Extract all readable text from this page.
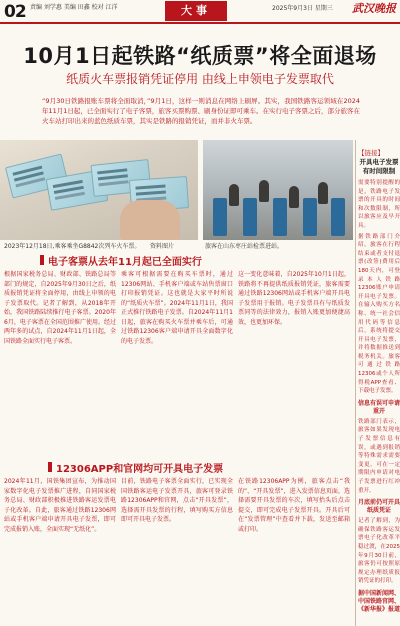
02 责编 刘学惠 美编 田鑫 校对 江洋	大事	2025年9月3日 星期三 武汉晚报
10月1日起铁路“纸质票”将全面退场
纸质火车票报销凭证停用 由线上申领电子发票取代
“9月30日铁路报账车票将全面取消，”9月1日，这样一则消息在网络上刷屏。其实，我国铁路客运领域在2024年11月1日起，已全面实行了电子客票，旅客买票购票、刷身份证即可乘车。在实行电子客票之后，部分旅客在火车站打印出来的蓝色纸质车票，其实是铁路的报销凭证，而并非火车票。
2023年12月18日,乘客乘坐G8842次列车火车票。 资料图片	旅客在山东枣庄站检票进站。
【链接】
开具电子发票有时间限制
需要特别提醒的是，铁路电子发票的开具的时间和次数限制，所以旅客应及早开具。
据铁路部门介绍，旅客在行程结束或者支付退票(改签)费用后180天内，可登录本人铁路12306账户申请开具电子发票。在输入购买方名称、统一社会信用代码等信息后，系统将提交开具电子发票，并将数据推送到税务机关。旅客可通过铁路12306或个人所得税APP查看、下载电子发票。
信息有误可申请重开
铁路部门表示，旅客如果发现电子发票信息有误，或遇到报销等特殊需求需要变更，可在一定期限内申请对电子发票进行红冲重开。
月底前仍可开具纸质凭证
记者了解到，为确保铁路客运发票电子化改革平稳过渡，在2025年9月30日前，旅客仍可按照原规定办理纸质报销凭证的打印。
据中国新闻网、中国铁路官网、《新华报》报道
电子客票从去年11月起已全面实行
根据国家税务总局、财政部、铁路总局等部门的规定，自2025年9月30日之后，纸质报销凭证将全面停用，由线上申领的电子发票取代。记者了解到，从2018年开始，我国铁路陆续推行电子客票。2020年6月，电子客票在全国范围推广使用。经过两年多的试点，自2024年11月1日起，全国铁路全面实行电子客票。
乘客可根据需要在购买车票时，通过12306网站、手机客户端或车站售票窗口打印报销凭证。这也就是大家平时所说的“纸质火车票”。2024年11月1日，我国正式推行铁路电子发票。自2024年11月1日起，旅客在购买火车票并乘车后，可通过铁路12306客户端申请开具全面数字化的电子发票。
这一变化意味着，自2025年10月1日起，铁路将不再提供纸质报销凭证，旅客需要通过铁路12306网站或手机客户端开具电子发票用于报销。电子发票具有与纸质发票同等的法律效力，报销入账更加便捷高效，也更加环保。
12306APP和官网均可开具电子发票
2024年11月，国铁集团宣布，为推动国家数字化电子发票推广进程，自同国家税务总局、财政部积极推进铁路客运发票电子化改革。自此，旅客通过铁路12306网站或手机客户端申请开具电子发票，即可完成报销入账，全面实现“无纸化”。
目前，铁路电子客票全面实行，已实现全国铁路客运电子发票开具，旅客可登录铁路12306APP和官网，点击“开具发票”，选择需开具发票的行程，填写购买方信息即可开具电子发票。
在铁路12306APP为例，旅客点击“我的”、“开具发票”，进入发票信息页面，选择需要开具发票的车次，填写抬头后点击提交，即可完成电子发票开具。开具后可在“发票管理”中查看并下载，发送至邮箱或打印。
